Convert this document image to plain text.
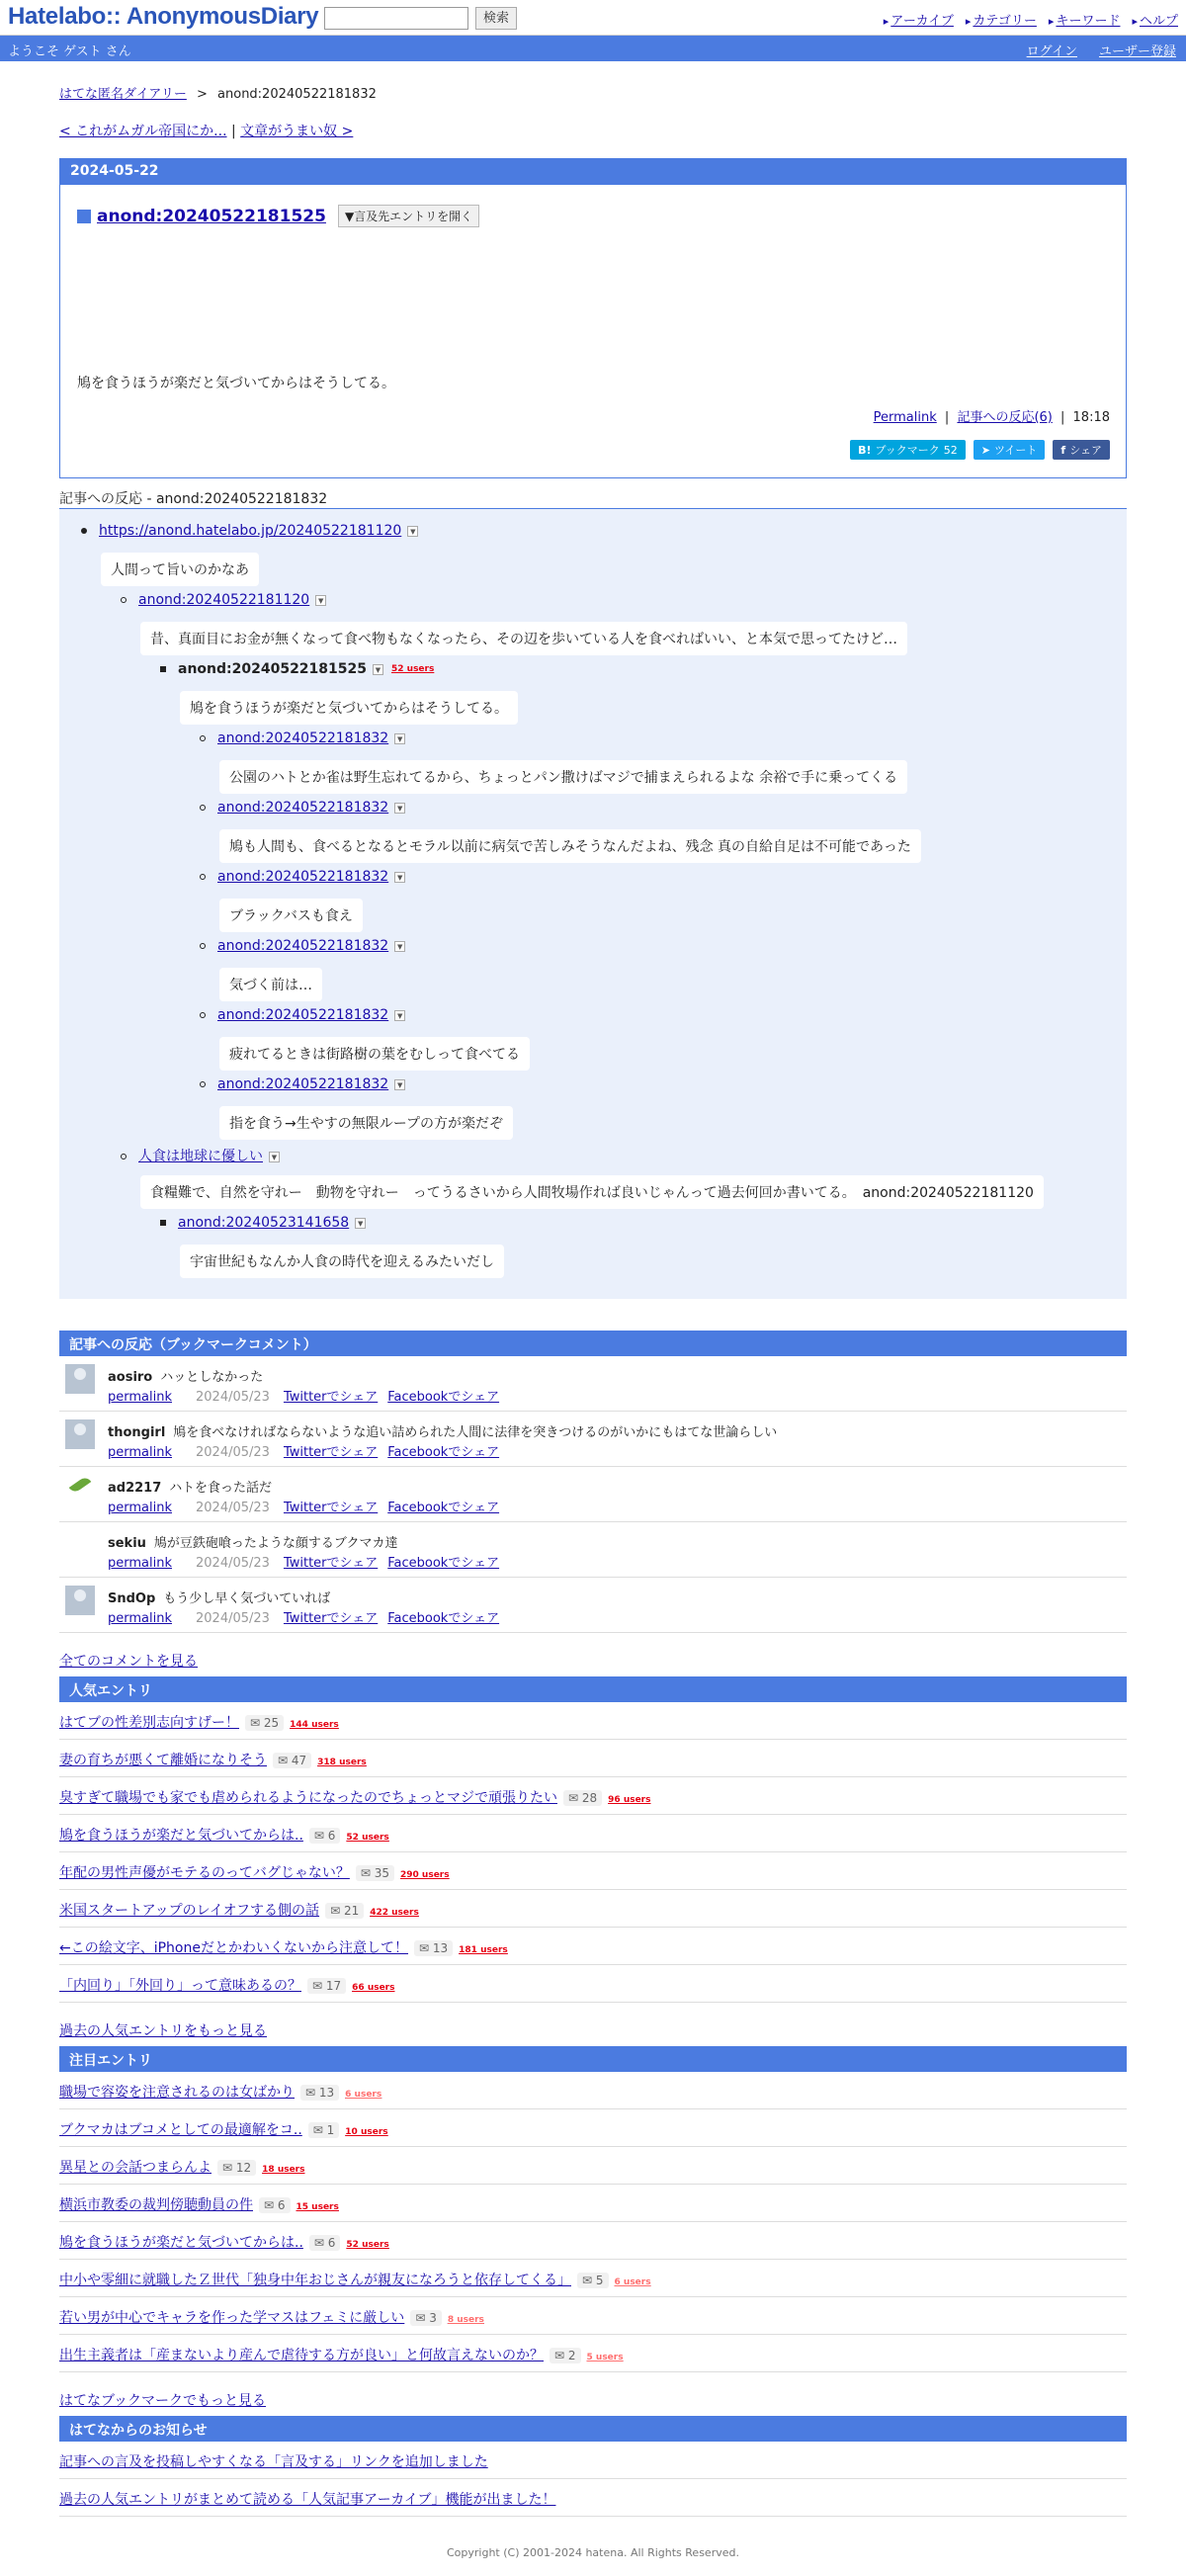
Hatelabo:: AnonymousDiary	検索	▸ アーカイブ	▸ カテゴリー	▸ キーワード	▸ ヘルプ
ようこそ ゲスト さん	ログイン ユーザー登録
はてな匿名ダイアリー > anond:20240522181832
< これがムガル帝国にか... | 文章がうまい奴 >
2024-05-22
anond:20240522181525	▼言及先エントリを開く
鳩を食うほうが楽だと気づいてからはそうしてる。
Permalink | 記事への反応(6) | 18:18
B! ブックマーク 52 ➤ ツイート f シェア
記事への反応 - anond:20240522181832
https://anond.hatelabo.jp/20240522181120 ▼
人間って旨いのかなあ
anond:20240522181120 ▼
昔、真面目にお金が無くなって食べ物もなくなったら、その辺を歩いている人を食べればいい、と本気で思ってたけど…
anond:20240522181525 ▼ 52 users
鳩を食うほうが楽だと気づいてからはそうしてる。
anond:20240522181832 ▼
公園のハトとか雀は野生忘れてるから、ちょっとパン撒けばマジで捕まえられるよな 余裕で手に乗ってくる
anond:20240522181832 ▼
鳩も人間も、食べるとなるとモラル以前に病気で苦しみそうなんだよね、残念 真の自給自足は不可能であった
anond:20240522181832 ▼
ブラックバスも食え
anond:20240522181832 ▼
気づく前は…
anond:20240522181832 ▼
疲れてるときは街路樹の葉をむしって食べてる
anond:20240522181832 ▼
指を食う→生やすの無限ループの方が楽だぞ
人食は地球に優しい ▼
食糧難で、自然を守れー　動物を守れー　ってうるさいから人間牧場作れば良いじゃんって過去何回か書いてる。　anond:20240522181120
anond:20240523141658 ▼
宇宙世紀もなんか人食の時代を迎えるみたいだし
記事への反応（ブックマークコメント）
aosiro ハッとしなかった
permalink 2024/05/23 Twitterでシェア Facebookでシェア
thongirl 鳩を食べなければならないような追い詰められた人間に法律を突きつけるのがいかにもはてな世論らしい
permalink 2024/05/23 Twitterでシェア Facebookでシェア
ad2217 ハトを食った話だ
permalink 2024/05/23 Twitterでシェア Facebookでシェア
sekiu 鳩が豆鉄砲喰ったような顔するブクマカ達
permalink 2024/05/23 Twitterでシェア Facebookでシェア
SndOp もう少し早く気づいていれば
permalink 2024/05/23 Twitterでシェア Facebookでシェア
全てのコメントを見る
人気エントリ
はてブの性差別志向すげー！ ✉ 25 144 users
妻の育ちが悪くて離婚になりそう ✉ 47 318 users
臭すぎて職場でも家でも虐められるようになったのでちょっとマジで頑張りたい ✉ 28 96 users
鳩を食うほうが楽だと気づいてからは.. ✉ 6 52 users
年配の男性声優がモテるのってバグじゃない？ ✉ 35 290 users
米国スタートアップのレイオフする側の話 ✉ 21 422 users
󠄀←この絵文字、iPhoneだとかわいくないから注意して！ ✉ 13 181 users
「内回り」「外回り」って意味あるの？ ✉ 17 66 users
過去の人気エントリをもっと見る
注目エントリ
職場で容姿を注意されるのは女ばかり ✉ 13 6 users
ブクマカはブコメとしての最適解をコ.. ✉ 1 10 users
異星との会話つまらんよ ✉ 12 18 users
横浜市教委の裁判傍聴動員の件 ✉ 6 15 users
鳩を食うほうが楽だと気づいてからは.. ✉ 6 52 users
中小や零細に就職したＺ世代「独身中年おじさんが親友になろうと依存してくる」 ✉ 5 6 users
若い男が中心でキャラを作った学マスはフェミに厳しい ✉ 3 8 users
出生主義者は「産まないより産んで虐待する方が良い」と何故言えないのか？ ✉ 2 5 users
はてなブックマークでもっと見る
はてなからのお知らせ
記事への言及を投稿しやすくなる「言及する」リンクを追加しました
過去の人気エントリがまとめて読める「人気記事アーカイブ」機能が出ました！
Copyright (C) 2001-2024 hatena. All Rights Reserved.
